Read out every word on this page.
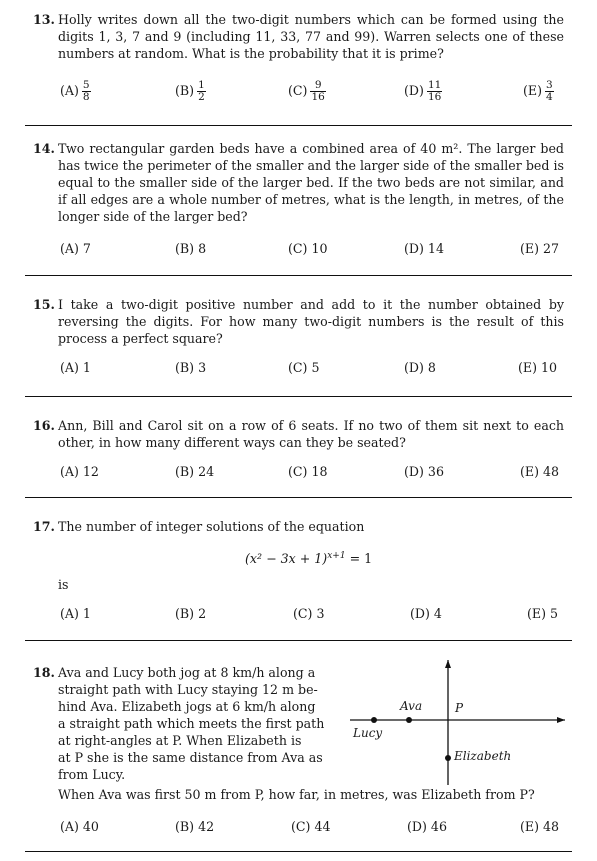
13. Holly writes down all the two-digit numbers which can be formed using the digits 1, 3, 7 and 9 (including 11, 33, 77 and 99). Warren selects one of these numbers at random. What is the probability that it is prime?
$(A) \frac{5}{8}$	$(B) \frac{1}{2}$	$(C) \frac{9}{16}$	$(D) \frac{11}{16}$	$(E) \frac{3}{4}$
14. Two rectangular garden beds have a combined area of 40 m². The larger bed has twice the perimeter of the smaller and the larger side of the smaller bed is equal to the smaller side of the larger bed. If the two beds are not similar, and if all edges are a whole number of metres, what is the length, in metres, of the longer side of the larger bed?
(A) 7	(B) 8	(C) 10	(D) 14	(E) 27
15. I take a two-digit positive number and add to it the number obtained by reversing the digits. For how many two-digit numbers is the result of this process a perfect square?
(A) 1	(B) 3	(C) 5	(D) 8	(E) 10
16. Ann, Bill and Carol sit on a row of 6 seats. If no two of them sit next to each other, in how many different ways can they be seated?
(A) 12	(B) 24	(C) 18	(D) 36	(E) 48
17. The number of integer solutions of the equation
$(x^2 - 3x + 1)^{x+1} = 1$
is
(A) 1	(B) 2	(C) 3	(D) 4	(E) 5
18. Ava and Lucy both jog at 8 km/h along a
straight path with Lucy staying 12 m be-
hind Ava. Elizabeth jogs at 6 km/h along
a straight path which meets the first path
at right-angles at P. When Elizabeth is
at P she is the same distance from Ava as
from Lucy.
When Ava was first 50 m from P, how far, in metres, was Elizabeth from P?
Ava	P
Lucy
Elizabeth
(A) 40	(B) 42	(C) 44	(D) 46	(E) 48
